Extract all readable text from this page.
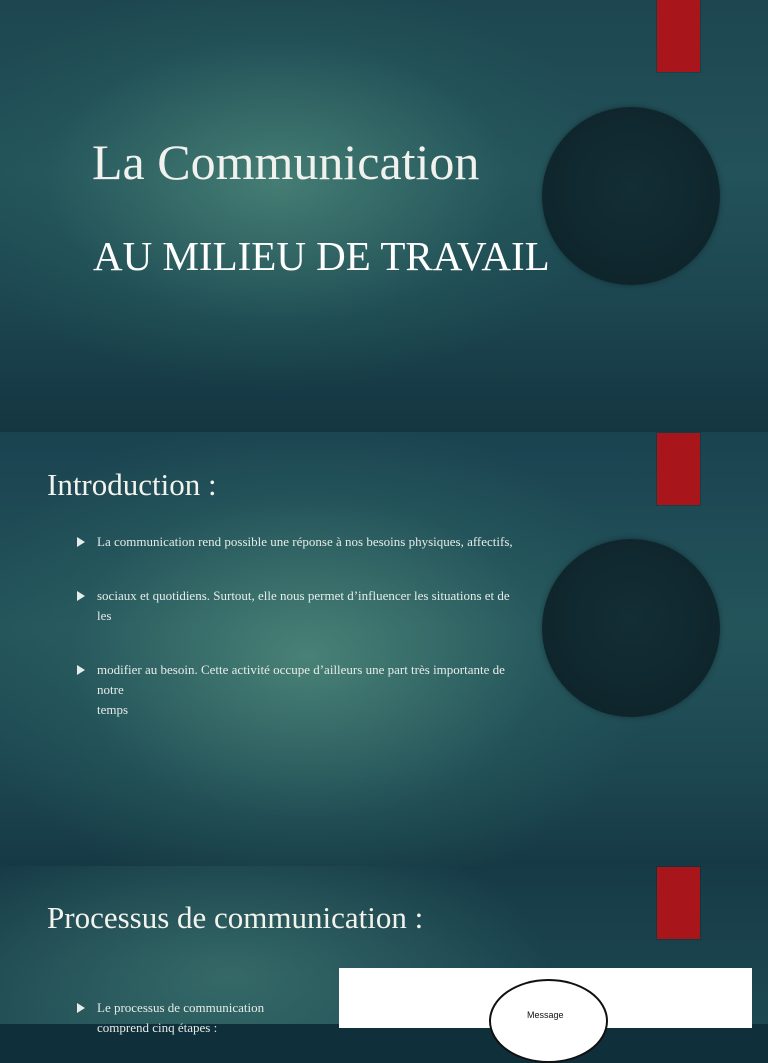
La Communication
AU MILIEU DE TRAVAIL
Introduction :
La communication rend possible une réponse à nos besoins physiques, affectifs,
sociaux et quotidiens. Surtout, elle nous permet d’influencer les situations et de
les
modifier au besoin. Cette activité occupe d’ailleurs une part très importante de
notre
temps
Processus de communication :
Le processus de communication
comprend cinq étapes :
Message
